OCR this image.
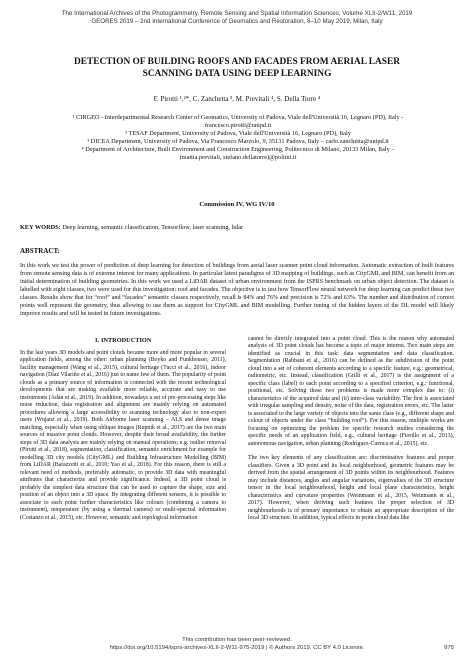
The International Archives of the Photogrammetry, Remote Sensing and Spatial Information Sciences, Volume XLII-2/W11, 2019
GEORES 2019 – 2nd International Conference of Geomatics and Restoration, 8–10 May 2019, Milan, Italy
DETECTION OF BUILDING ROOFS AND FACADES FROM AERIAL LASER
SCANNING DATA USING DEEP LEARNING
F. Pirotti ¹,²*, C. Zanchetta ³, M. Previtali ⁴, S. Della Torre ⁴
¹ CIRGEO - Interdepartmental Research Center of Geomatics, University of Padova, Viale dell'Università 16, Legnaro (PD), Italy -
francesco.pirotti@unipd.it
² TESAF Department, University of Padova, Viale dell'Università 16, Legnaro (PD), Italy
³ DICEA Department, University of Padova, Via Francesco Marzolo, 9, 35131 Padova, Italy – carlo.zanchetta@unipd.it
⁴ Department of Architecture, Built Environment and Construction Engineering, Politecnico di Milano, 20133 Milan, Italy –
(mattia.previtali, stefano.dellatorre)@polimi.it
Commission IV, WG IV/10
KEY WORDS: Deep learning, semantic classification, Tensorflow, laser scanning, lidar
ABSTRACT:
In this work we test the power of prediction of deep learning for detection of buildings from aerial laser scanner point cloud information. Automatic extraction of built features from remote sensing data is of extreme interest for many applications. In particular latest paradigms of 3D mapping of buildings, such as CityGML and BIM, can benefit from an initial determination of building geometries. In this work we used a LiDAR dataset of urban environment from the ISPRS benchmark on urban object detection. The dataset is labelled with eight classes, two were used for this investigation: roof and facades. The objective is to test how TensorFlow neural network for deep learning can predict these two classes. Results show that for “roof” and “facades” semantic classes respectively, recall is 84% and 76% and precision is 72% and 63%. The number and distribution of correct points well represent the geometry, thus allowing to use them as support for CityGML and BIM modelling. Further tuning of the hidden layers of the DL model will likely improve results and will be tested in future investigations.
1. INTRODUCTION

In the last years 3D models and point clouds became more and more popular in several application fields, among the other: urban planning (Boyko and Funkhouser, 2011), facility management (Wang et al., 2015), cultural heritage (Tucci et al., 2016), indoor navigation (Díaz Vilariño et al., 2016) just to name few of them. The popularity of point clouds as a primary source of information is connected with the recent technological developments that are making available more reliable, accurate and easy to use instruments (Adán et al., 2019). In addition, nowadays a set of pre-processing steps like noise reduction, data registration and alignment are mainly relying on automated procedures allowing a large accessibility to scanning technology also to non-expert users (Wujanz et al., 2019). Both Airborne laser scanning – ALS and dense image matching, especially when using oblique images (Rupnik et al., 2017) are the two main sources of massive point clouds. However, despite their broad availability, the further steps of 3D data analysis are mainly relying on manual operations; e.g. outlier removal (Pirotti et al., 2018), segmentation, classification, semantic enrichment for example for modelling 3D city models (CityGML) and Building Infrastructure Modelling (BIM) from LiDAR (Barazzetti et al., 2010; Yao et al., 2018). For this reason, there is still a relevant need of methods, preferably automatic, to provide 3D data with meaningful attributes that characterize and provide significance. Indeed, a 3D point cloud is probably the simplest data structure that can be used to capture the shape, size and position of an object into a 3D space. By integrating different sensors, it is possible to associate to each point further characteristics like colours (combining a camera to instrument), temperature (by using a thermal camera) or multi-spectral information (Costanzo et al., 2015), etc. However, semantic and topological information

cannot be directly integrated into a point cloud. This is the reason why automated analysis of 3D point clouds has become a topic of major interest. Two main steps are identified as crucial in this task: data segmentation and data classification. Segmentation (Rabbani et al., 2016) can be defined as the subdivision of the point cloud into a set of coherent elements according to a specific feature, e.g.: geometrical, radiometric, etc. Instead, classification (Grilli et al., 2017) is the assignment of a specific class (label) to each point according to a specified criterion, e.g.: functional, positional, etc. Solving these two problems is made more complex due to: (i) characteristics of the acquired data and (ii) inter-class variability. The first is associated with irregular sampling and density, noise of the data, registration errors, etc. The latter is associated to the large variety of objects into the same class (e.g., different shape and colour of objects under the class “building roof”). For this reason, multiple works are focusing on optimizing the problem for specific research studies considering the specific needs of an application field, e.g., cultural heritage (Fiorillo et al., 2013), autonomous navigation, urban planning (Rodríguez-Cuenca et al., 2015), etc.

The two key elements of any classification are: discriminative features and proper classifiers. Given a 3D point and its local neighborhood, geometric features may be derived from the spatial arrangement of 3D points within its neighbourhood. Features may include distances, angles and angular variations, eigenvalues of the 3D structure tensor in the local neighbourhood, height and local plane characteristics, height characteristics and curvature properties (Weinmann et al., 2015, Weinmann et al., 2017). However, when deriving such features the proper selection of 3D neighbourhoods is of primary importance to obtain an appropriate description of the local 3D structure. In addition, typical effects in point cloud data like

This contribution has been peer-reviewed.
https://doi.org/10.5194/isprs-archives-XLII-2-W11-975-2019 | © Authors 2019. CC BY 4.0 License.	975
